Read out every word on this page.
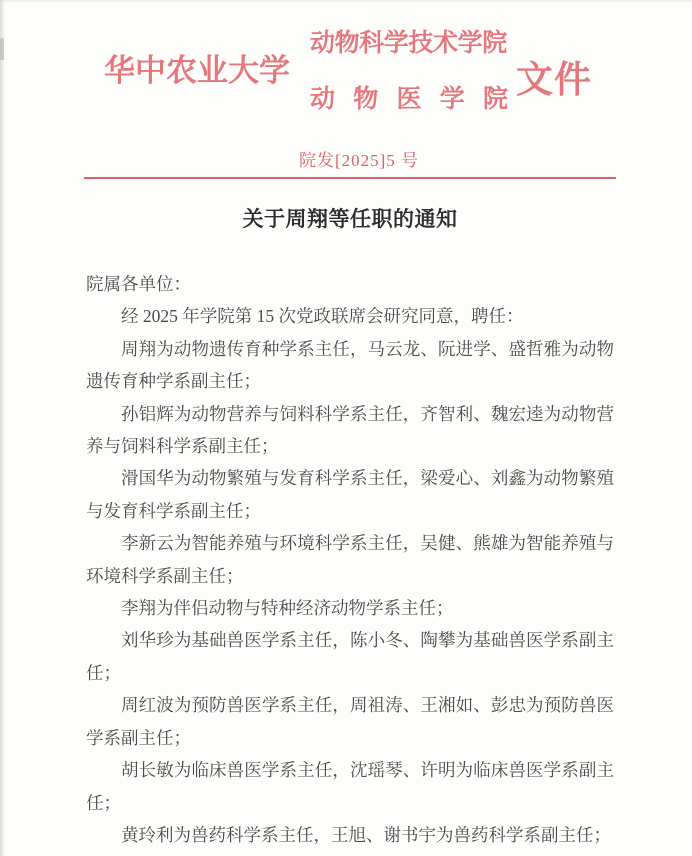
华中农业大学
动物科学技术学院
动物医学院 文件
院发[2025]5 号
关于周翔等任职的通知

院属各单位：

经 2025 年学院第 15 次党政联席会研究同意，聘任：

周翔为动物遗传育种学系主任，马云龙、阮进学、盛哲雅为动物遗传育种学系副主任；

孙铝辉为动物营养与饲料科学系主任，齐智利、魏宏逵为动物营养与饲料科学系副主任；

滑国华为动物繁殖与发育科学系主任，梁爱心、刘鑫为动物繁殖与发育科学系副主任；

李新云为智能养殖与环境科学系主任，吴健、熊雄为智能养殖与环境科学系副主任；

李翔为伴侣动物与特种经济动物学系主任；

刘华珍为基础兽医学系主任，陈小冬、陶攀为基础兽医学系副主任；

周红波为预防兽医学系主任，周祖涛、王湘如、彭忠为预防兽医学系副主任；

胡长敏为临床兽医学系主任，沈瑶琴、许明为临床兽医学系副主任；

黄玲利为兽药科学系主任，王旭、谢书宇为兽药科学系副主任；
